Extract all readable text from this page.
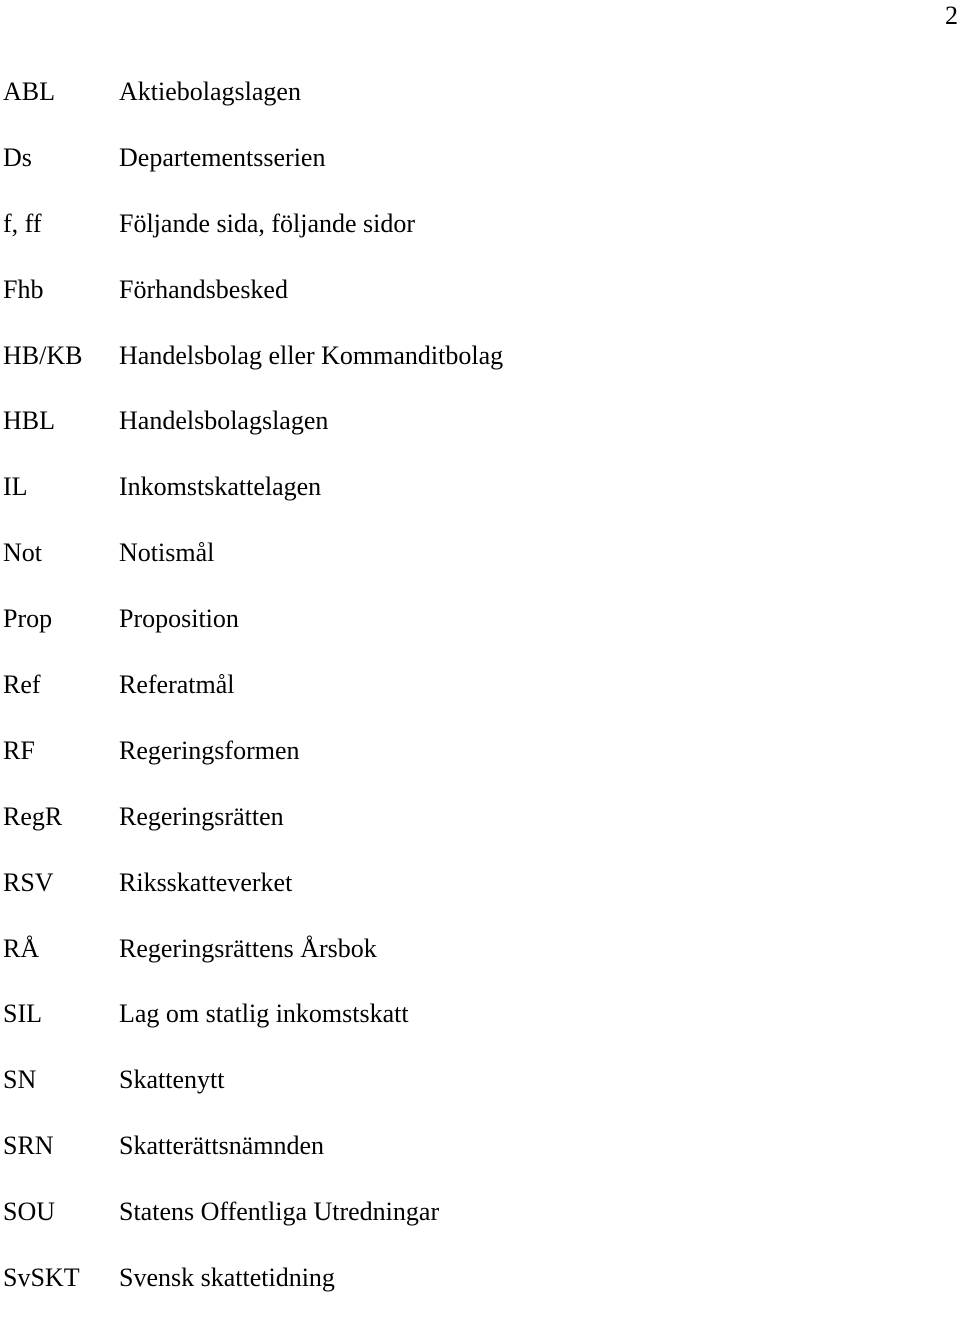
2
ABL	Aktiebolagslagen
Ds	Departementsserien
f, ff	Följande sida, följande sidor
Fhb	Förhandsbesked
HB/KB	Handelsbolag eller Kommanditbolag
HBL	Handelsbolagslagen
IL	Inkomstskattelagen
Not	Notismål
Prop	Proposition
Ref	Referatmål
RF	Regeringsformen
RegR	Regeringsrätten
RSV	Riksskatteverket
RÅ	Regeringsrättens Årsbok
SIL	Lag om statlig inkomstskatt
SN	Skattenytt
SRN	Skatterättsnämnden
SOU	Statens Offentliga Utredningar
SvSKT	Svensk skattetidning
